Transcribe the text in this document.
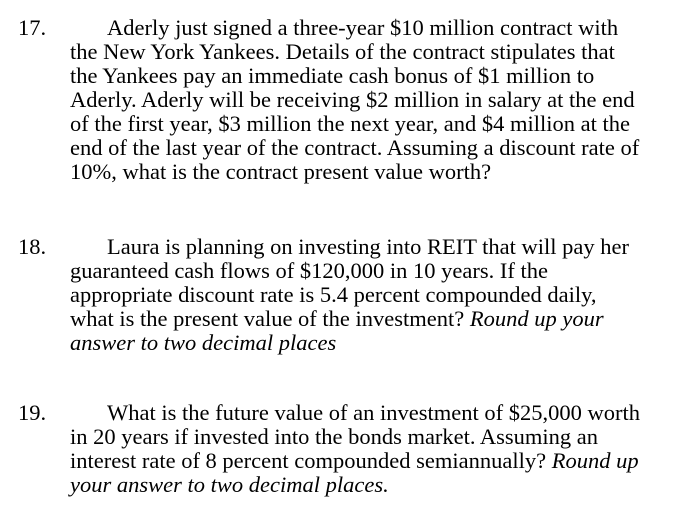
17.	Aderly just signed a three-year $10 million contract with
the New York Yankees. Details of the contract stipulates that
the Yankees pay an immediate cash bonus of $1 million to
Aderly. Aderly will be receiving $2 million in salary at the end
of the first year, $3 million the next year, and $4 million at the
end of the last year of the contract. Assuming a discount rate of
10%, what is the contract present value worth?
18.	Laura is planning on investing into REIT that will pay her
guaranteed cash flows of $120,000 in 10 years. If the
appropriate discount rate is 5.4 percent compounded daily,
what is the present value of the investment? Round up your
answer to two decimal places
19.	What is the future value of an investment of $25,000 worth
in 20 years if invested into the bonds market. Assuming an
interest rate of 8 percent compounded semiannually? Round up
your answer to two decimal places.
